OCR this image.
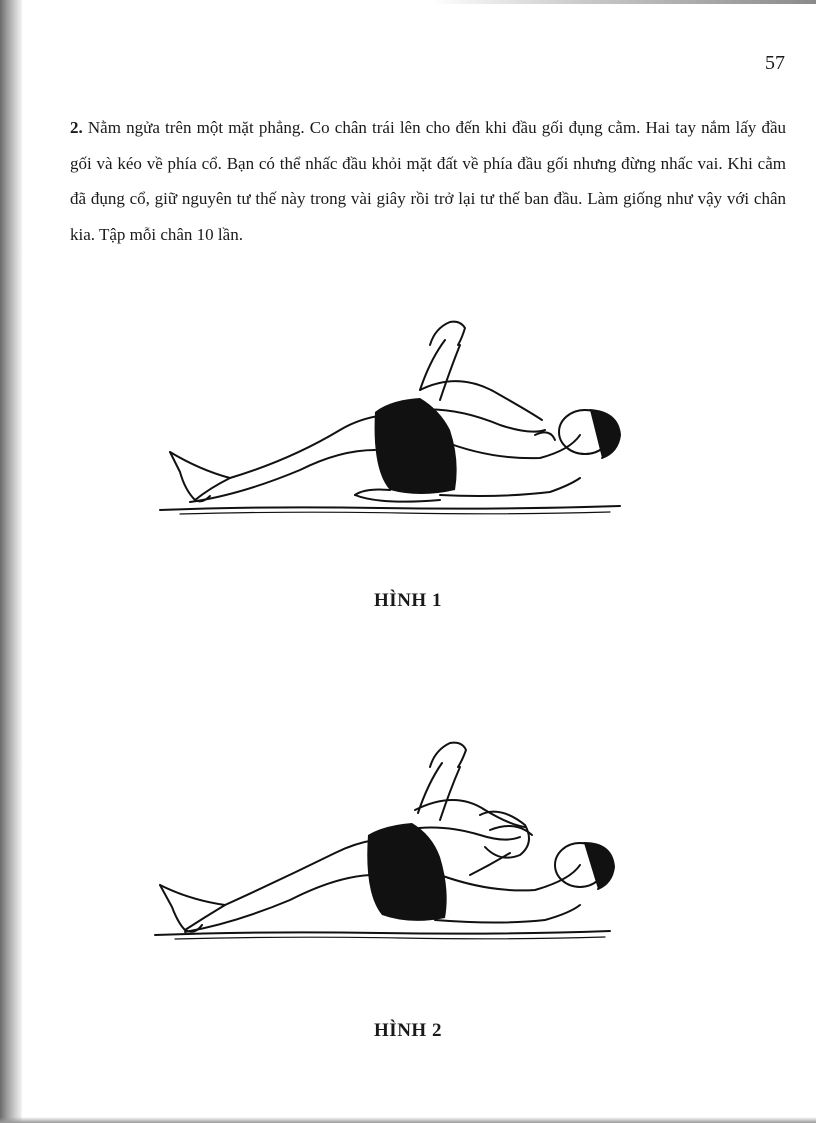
57

2. Nằm ngửa trên một mặt phẳng. Co chân trái lên cho đến khi đầu gối đụng cằm. Hai tay nắm lấy đầu gối và kéo về phía cổ. Bạn có thể nhấc đầu khỏi mặt đất về phía đầu gối nhưng đừng nhấc vai. Khi cằm đã đụng cổ, giữ nguyên tư thế này trong vài giây rồi trở lại tư thế ban đầu. Làm giống như vậy với chân kia. Tập mỗi chân 10 lần.

HÌNH 1
HÌNH 2
